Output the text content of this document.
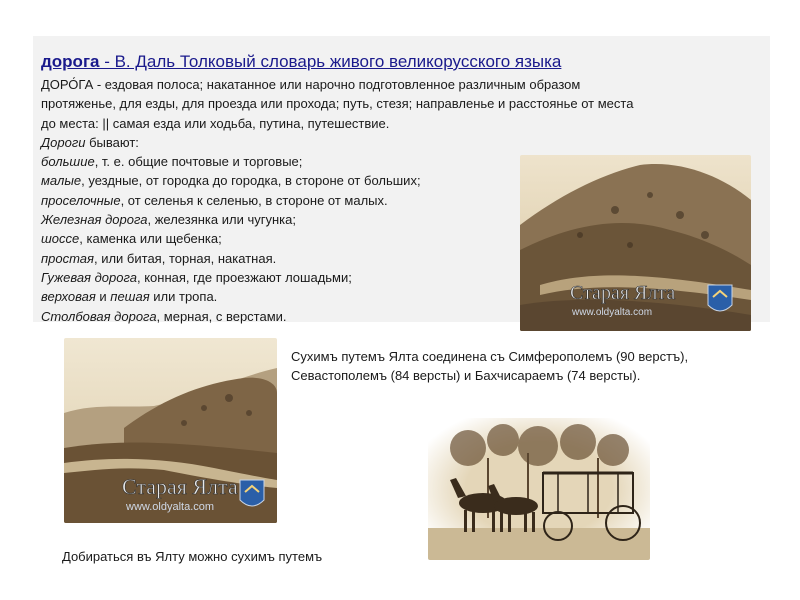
дорога - В. Даль Толковый словарь живого великорусского языка
ДОРО́ГА - ездовая полоса; накатанное или нарочно подготовленное различным образом
протяженье, для езды, для проезда или прохода; путь, стезя; направленье и расстоянье от места
до места: || самая езда или ходьба, путина, путешествие.
Дороги бывают:
большие, т. е. общие почтовые и торговые;
малые, уездные, от городка до городка, в стороне от больших;
проселочные, от селенья к селенью, в стороне от малых.
Железная дорога, железянка или чугунка;
шоссе, каменка или щебенка;
простая, или битая, торная, накатная.
Гужевая дорога, конная, где проезжают лошадьми;
верховая и пешая или тропа.
Столбовая дорога, мерная, с верстами.
Старая Ялта
www.oldyalta.com
Старая Ялта
www.oldyalta.com
Сухимъ путемъ Ялта соединена съ Симферополемъ (90 верстъ),
Севастополемъ (84 версты) и Бахчисараемъ (74 версты).
Добираться въ Ялту можно сухимъ путемъ
